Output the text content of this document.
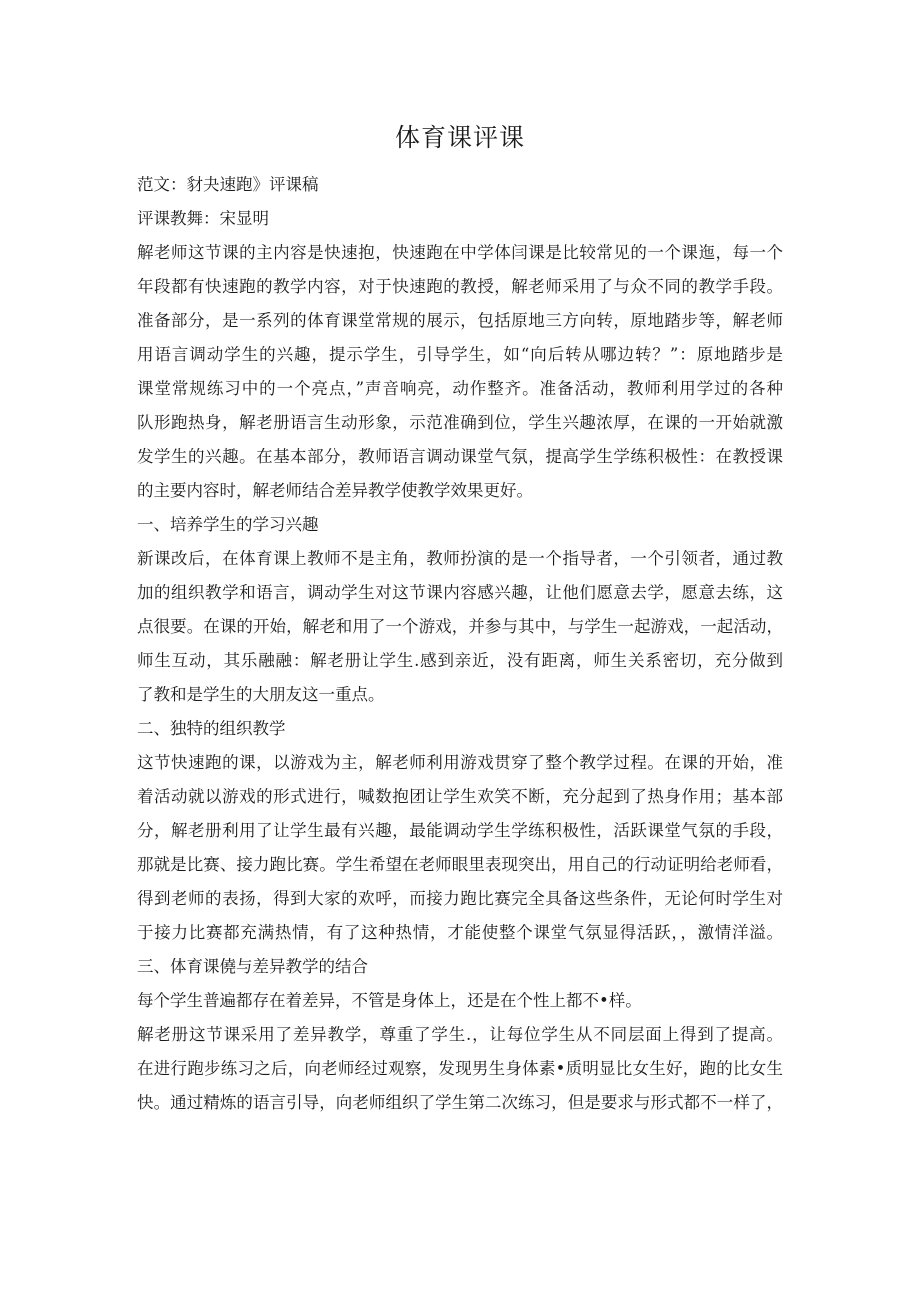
体育课评课
范文：豺夬速跑》评课稿
评课教舞：宋显明
解老师这节课的主内容是快速抱，快速跑在中学体闫课是比较常见的一个课迤，每一个
年段都有快速跑的教学内容，对于快速跑的教授，解老师采用了与众不同的教学手段。
准备部分，是一系列的体育课堂常规的展示，包括原地三方向转，原地踏步等，解老师
用语言调动学生的兴趣，提示学生，引导学生，如“向后转从哪边转？”：原地踏步是
课堂常规练习中的一个亮点，”声音响亮，动作整齐。准备活动，教师利用学过的各种
队形跑热身，解老册语言生动形象，示范准确到位，学生兴趣浓厚，在课的一开始就激
发学生的兴趣。在基本部分，教师语言调动课堂气氛，提高学生学练积极性：在教授课
的主要内容时，解老师结合差异教学使教学效果更好。
一、培养学生的学习兴趣
新课改后，在体育课上教师不是主角，教师扮演的是一个指导者，一个引领者，通过教
加的组织教学和语言，调动学生对这节课内容感兴趣，让他们愿意去学，愿意去练，这
点很要。在课的开始，解老和用了一个游戏，并参与其中，与学生一起游戏，一起活动，
师生互动，其乐融融：解老册让学生.感到亲近，没有距离，师生关系密切，充分做到
了教和是学生的大朋友这一重点。
二、独特的组织教学
这节快速跑的课，以游戏为主，解老师利用游戏贯穿了整个教学过程。在课的开始，准
着活动就以游戏的形式进行，喊数抱团让学生欢笑不断，充分起到了热身作用；基本部
分，解老册利用了让学生最有兴趣，最能调动学生学练积极性，活跃课堂气氛的手段，
那就是比赛、接力跑比赛。学生希望在老师眼里表现突出，用自己的行动证明给老师看，
得到老师的表扬，得到大家的欢呼，而接力跑比赛完全具备这些条件，无论何时学生对
于接力比赛都充满热情，有了这种热情，才能使整个课堂气氛显得活跃，，激情洋溢。
三、体育课僥与差异教学的结合
每个学生普遍都存在着差异，不管是身体上，还是在个性上都不•样。
解老册这节课采用了差异教学，尊重了学生.，让每位学生从不同层面上得到了提高。
在进行跑步练习之后，向老师经过观察，发现男生身体素•质明显比女生好，跑的比女生
快。通过精炼的语言引导，向老师组织了学生第二次练习，但是要求与形式都不一样了，
